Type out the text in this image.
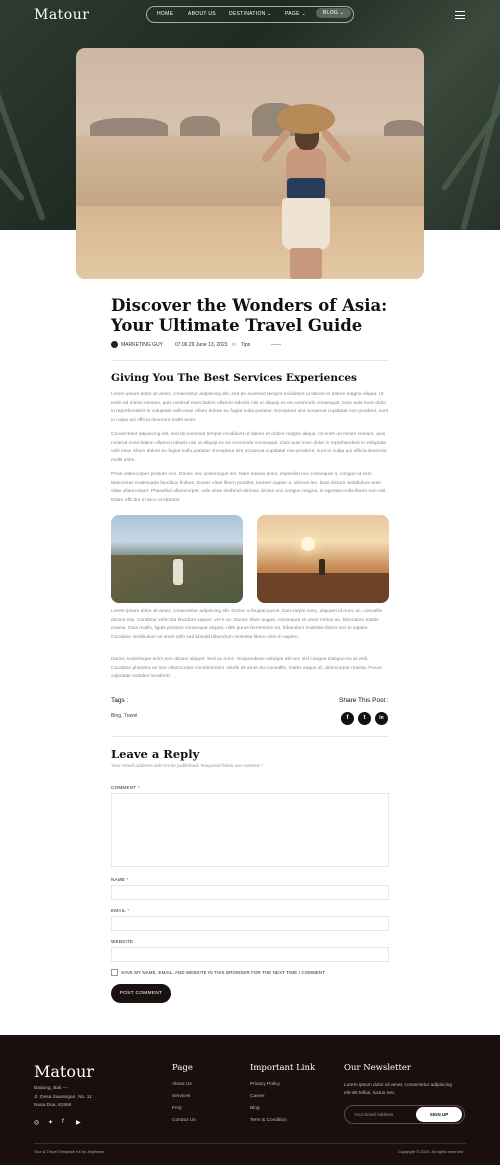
Matour	HOME	ABOUT US	DESTINATION ⌄	PAGE ⌄	BLOG ⌄
Discover the Wonders of Asia: Your Ultimate Travel Guide
MARKETING GUY 07.06.29 June 13, 2023 in Tips
Giving You The Best Services Experiences

Lorem ipsum dolor sit amet, consectetur adipiscing elit, sed do eiusmod tempor incididunt ut labore et dolore magna aliqua. Ut enim ad minim veniam, quis nostrud exercitation ullamco laboris nisi ut aliquip ex ea commodo consequat. Duis aute irure dolor in reprehenderit in voluptate velit esse cillum dolore eu fugiat nulla pariatur. Excepteur sint occaecat cupidatat non proident, sunt in culpa qui officia deserunt mollit anim.

Consectetur adipiscing elit, sed do eiusmod tempor incididunt ut labore et dolore magna aliqua. Ut enim ad minim veniam, quis nostrud exercitation ullamco laboris nisi ut aliquip ex ea commodo consequat. Duis aute irure dolor in reprehenderit in voluptate velit esse cillum dolore eu fugiat nulla pariatur. Excepteur sint occaecat cupidatat non proident, sunt in culpa qui officia deserunt mollit anim.

Proin ullamcorper pretium orci. Donec nec scelerisque leo. Nam massa dolor, imperdiet nec consequat a, congue id sem. Maecenas malesuada faucibus finibus. Donec vitae libero porttitor, laoreet sapien a, ultrices leo. Duis dictum vestibulum ante vitae ullamcorper. Phasellus ullamcorper, odio vitae eleifend ultricies, lectus orci congue magna, in egestas nulla libero non nisl. Etiam efficitur in arcu ut lobortis.

Lorem ipsum dolor sit amet, consectetur adipiscing elit. Donec a feugiat purus. Duis turpis nunc, aliquam id nunc ac, convallis dictum nisi. Curabitur vehicula tincidunt sapien, vel e ac. Donec diam augue, consequat sit amet metus ac, bibendum mattis massa. Duis mollis, ligula pretium consequat aliquet, nibh purus fermentum mi, bibendum molestie libero orci in sapien. Curabitur vestibulum sit amet nibh sed blandit bibendum molestie libero orim in sapien.

Donec scelerisque enim non dictum aliquet. Sed ac nunc. Suspendisse volutpat elit nec nisl congue tristique eu at velit. Curabitur pharetra ex non ullamcorper condimentum. Morbi sit amet dui convallis, mattis augue id, ullamcorper massa. Fusce vulputate sodales hendrerit.

Tags :
Blog, Travel
Share This Post :
f	t	in
Leave a Reply
Your email address will not be published. Required fields are marked *
COMMENT *
NAME *
EMAIL *
WEBSITE
SAVE MY NAME, EMAIL, AND WEBSITE IN THIS BROWSER FOR THE NEXT TIME I COMMENT.
POST COMMENT
Matour
Badung, Bali —
Jl. Desa Sawangan, No. 11
Nusa Dua, 81566
◎ ✦ f ▶
Page
About Us
Services
FAQ
Contact Us
Important Link
Privacy Policy
Career
Blog
Term & Condition
Our Newsletter
Lorem ipsum dolor sit amet, consectetur adipiscing elit elit tellus, luctus nec.
Your Email Address	SIGN UP
Tour & Travel Template Kit by Jegtheme	Copyright © 2023. All rights reserved
